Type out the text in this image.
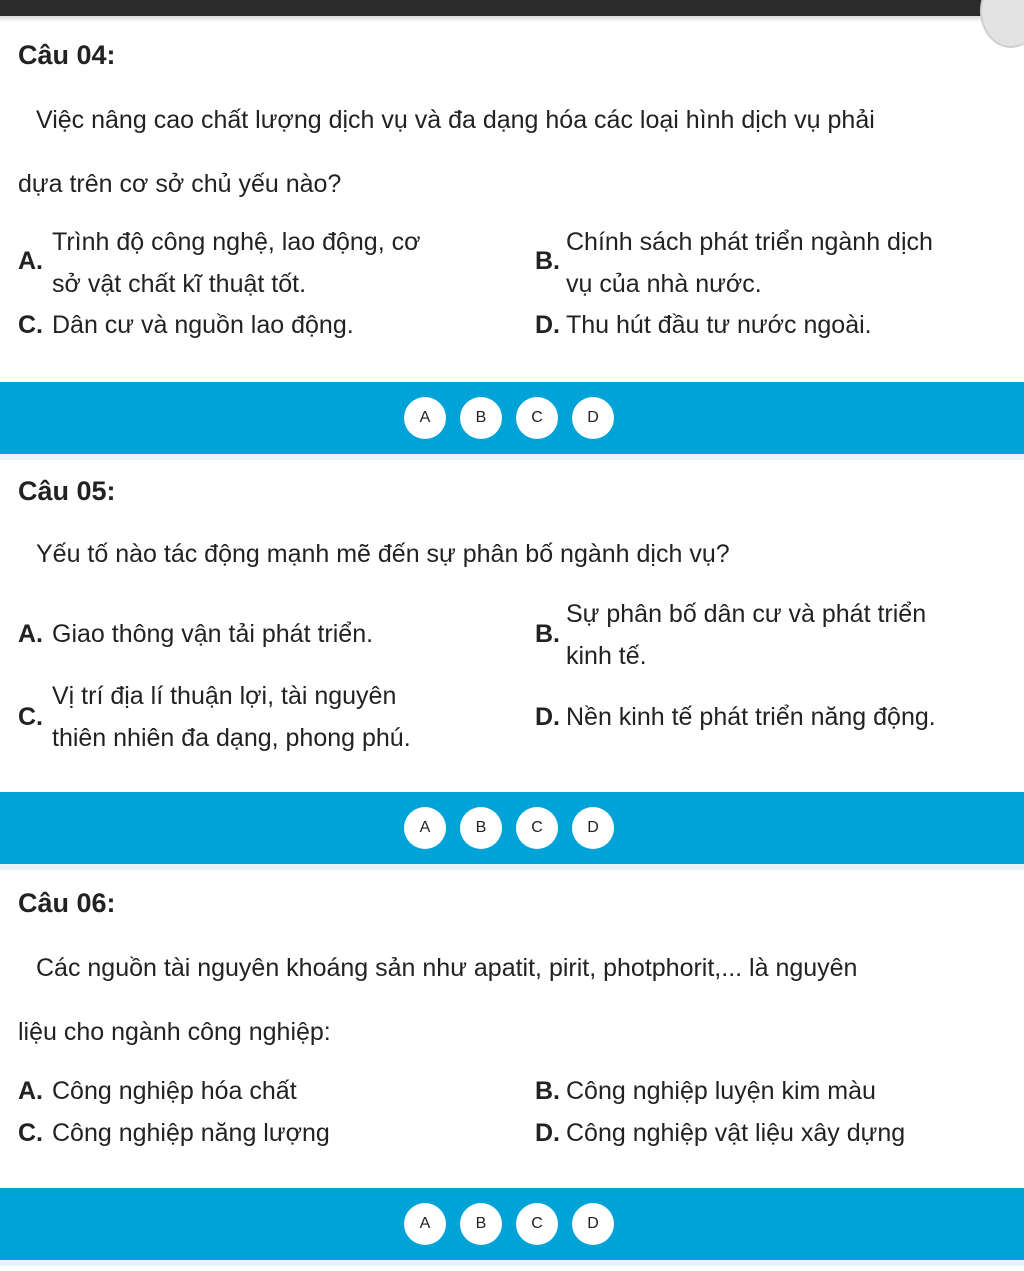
Câu 04:
Việc nâng cao chất lượng dịch vụ và đa dạng hóa các loại hình dịch vụ phải
dựa trên cơ sở chủ yếu nào?
A.
Trình độ công nghệ, lao động, cơ
sở vật chất kĩ thuật tốt.
B.
Chính sách phát triển ngành dịch
vụ của nhà nước.
C. Dân cư và nguồn lao động.	D. Thu hút đầu tư nước ngoài.
A	B	C	D
Câu 05:
Yếu tố nào tác động mạnh mẽ đến sự phân bố ngành dịch vụ?
A. Giao thông vận tải phát triển.	B.
Sự phân bố dân cư và phát triển
kinh tế.
C.
Vị trí địa lí thuận lợi, tài nguyên
thiên nhiên đa dạng, phong phú.
D. Nền kinh tế phát triển năng động.
A	B	C	D
Câu 06:
Các nguồn tài nguyên khoáng sản như apatit, pirit, photphorit,... là nguyên
liệu cho ngành công nghiệp:
A. Công nghiệp hóa chất	B. Công nghiệp luyện kim màu
C. Công nghiệp năng lượng	D. Công nghiệp vật liệu xây dựng
A	B	C	D
